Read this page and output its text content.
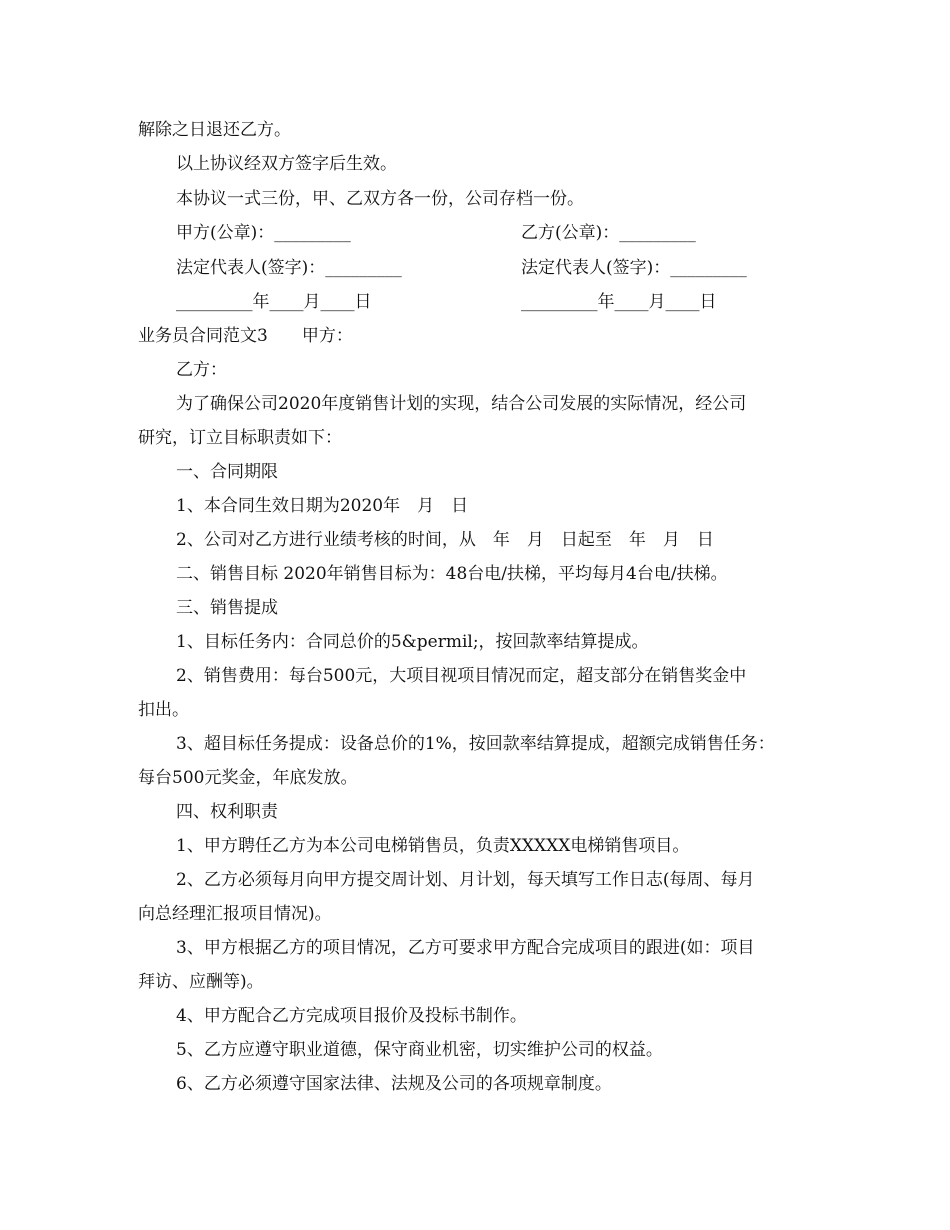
解除之日退还乙方。
以上协议经双方签字后生效。
本协议一式三份，甲、乙双方各一份，公司存档一份。
甲方(公章)：_________	乙方(公章)：_________
法定代表人(签字)：_________	法定代表人(签字)：_________
_________年____月____日	_________年____月____日
业务员合同范文3　　甲方：
乙方：
为了确保公司2020年度销售计划的实现，结合公司发展的实际情况，经公司
研究，订立目标职责如下：
一、合同期限
1、本合同生效日期为2020年　月　日
2、公司对乙方进行业绩考核的时间，从　年　月　日起至　年　月　日
二、销售目标 2020年销售目标为：48台电/扶梯，平均每月4台电/扶梯。
三、销售提成
1、目标任务内：合同总价的5&permil;，按回款率结算提成。
2、销售费用：每台500元，大项目视项目情况而定，超支部分在销售奖金中
扣出。
3、超目标任务提成：设备总价的1%，按回款率结算提成，超额完成销售任务：
每台500元奖金，年底发放。
四、权利职责
1、甲方聘任乙方为本公司电梯销售员，负责XXXXX电梯销售项目。
2、乙方必须每月向甲方提交周计划、月计划，每天填写工作日志(每周、每月
向总经理汇报项目情况)。
3、甲方根据乙方的项目情况，乙方可要求甲方配合完成项目的跟进(如：项目
拜访、应酬等)。
4、甲方配合乙方完成项目报价及投标书制作。
5、乙方应遵守职业道德，保守商业机密，切实维护公司的权益。
6、乙方必须遵守国家法律、法规及公司的各项规章制度。
